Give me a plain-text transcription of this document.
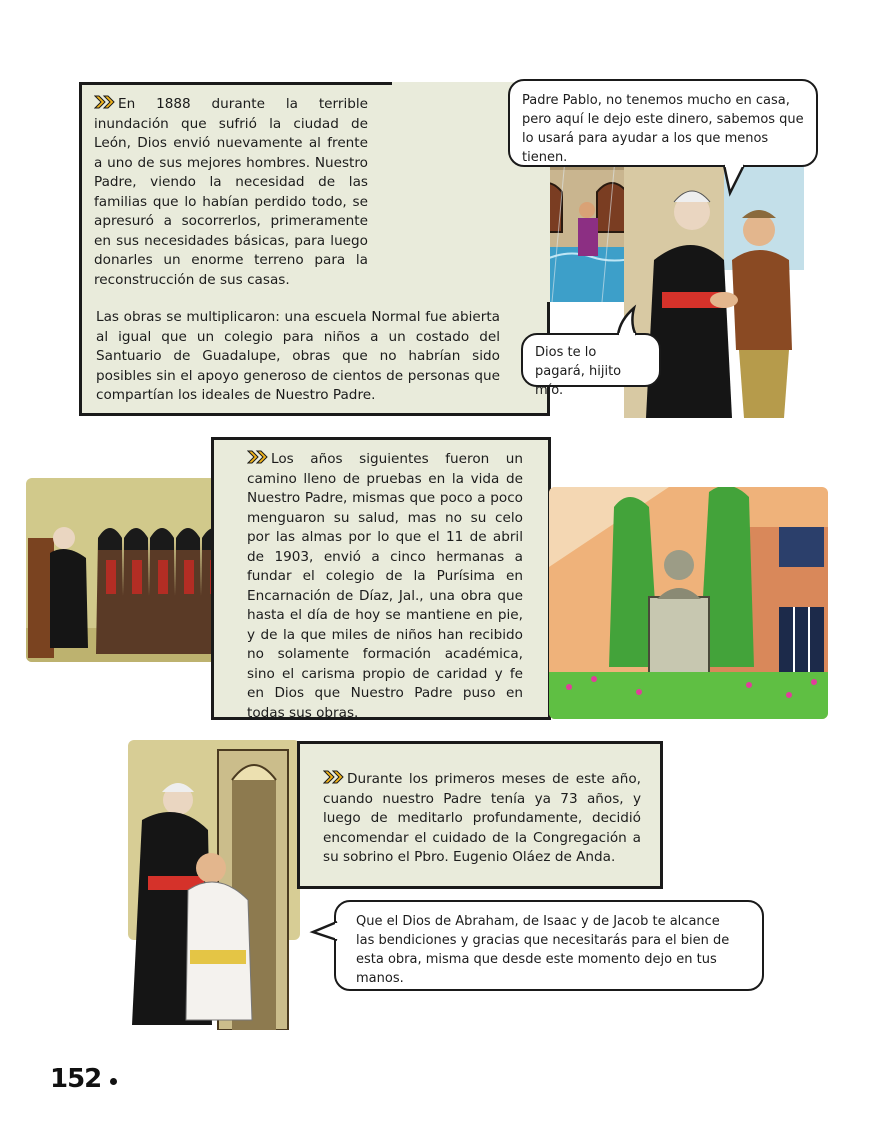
En 1888 durante la terrible inundación que sufrió la ciudad de León, Dios envió nuevamente al frente a uno de sus mejores hombres. Nuestro Padre, viendo la necesidad de las familias que lo habían perdido todo, se apresuró a socorrerlos, primeramente en sus necesidades básicas, para luego donarles un enorme terreno para la reconstrucción de sus casas.

Las obras se multiplicaron: una escuela Normal fue abierta al igual que un colegio para niños a un costado del Santuario de Guadalupe, obras que no habrían sido posibles sin el apoyo generoso de cientos de personas que compartían los ideales de Nuestro Padre.

Padre Pablo, no tenemos mucho en casa, pero aquí le dejo este dinero, sabemos que lo usará para ayudar a los que menos tienen.
Dios te lo pagará, hijito mío.

Los años siguientes fueron un camino lleno de pruebas en la vida de Nuestro Padre, mismas que poco a poco menguaron su salud, mas no su celo por las almas por lo que el 11 de abril de 1903, envió a cinco hermanas a fundar el colegio de la Purísima en Encarnación de Díaz, Jal., una obra que hasta el día de hoy se mantiene en pie, y de la que miles de niños han recibido no solamente formación académica, sino el carisma propio de caridad y fe en Dios que Nuestro Padre puso en todas sus obras.

Durante los primeros meses de este año, cuando nuestro Padre tenía ya 73 años, y luego de meditarlo profundamente, decidió encomendar el cuidado de la Congregación a su sobrino el Pbro. Eugenio Oláez de Anda.

Que el Dios de Abraham, de Isaac y de Jacob te alcance las bendiciones y gracias que necesitarás para el bien de esta obra, misma que desde este momento dejo en tus manos.
152
